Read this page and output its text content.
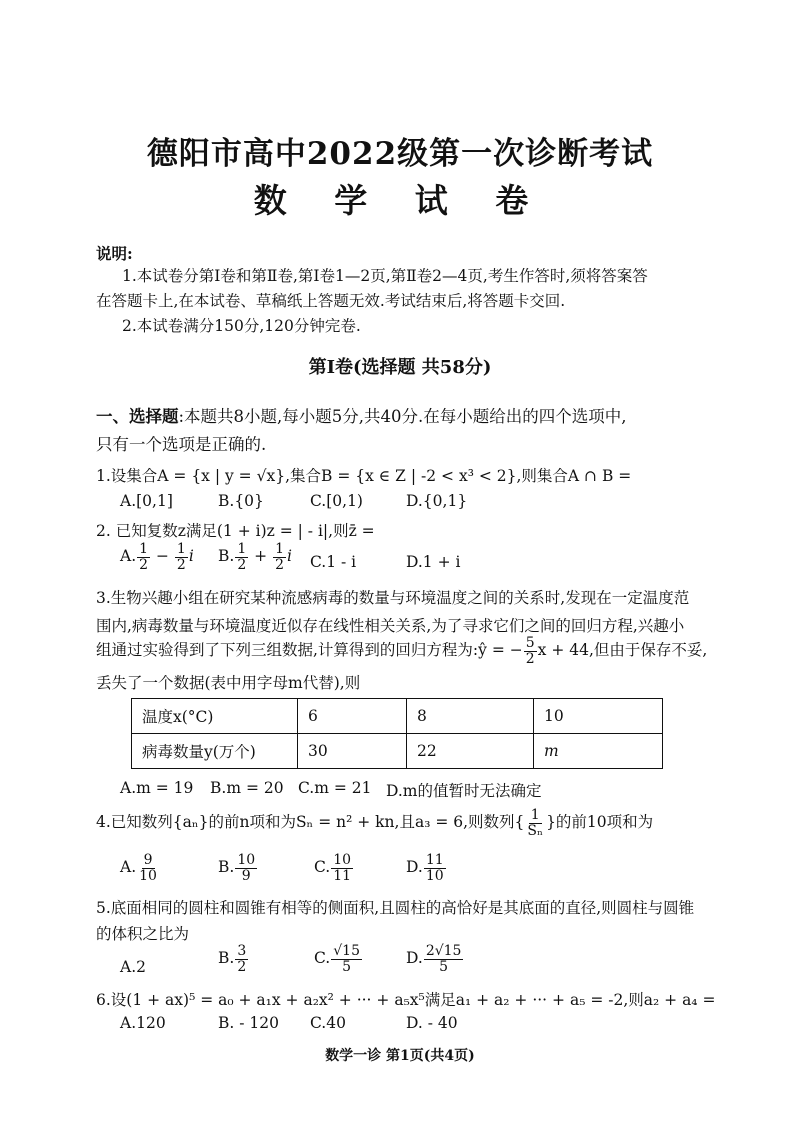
德阳市高中2022级第一次诊断考试
数 学 试 卷
说明:
1.本试卷分第Ⅰ卷和第Ⅱ卷,第Ⅰ卷1—2页,第Ⅱ卷2—4页,考生作答时,须将答案答
在答题卡上,在本试卷、草稿纸上答题无效.考试结束后,将答题卡交回.
2.本试卷满分150分,120分钟完卷.
第Ⅰ卷(选择题 共58分)
一、选择题:本题共8小题,每小题5分,共40分.在每小题给出的四个选项中,
只有一个选项是正确的.
1.设集合A = {x | y = √x},集合B = {x ∈ Z | -2 < x³ < 2},则集合A ∩ B =
A.[0,1]	B.{0}	C.[0,1)	D.{0,1}
2. 已知复数z满足(1 + i)z = | - i|,则z̄ =
A. $\frac{1}{2} - \frac{1}{2}$ i B. $\frac{1}{2} + \frac{1}{2}$ i C.1 - i	D.1 + i
3.生物兴趣小组在研究某种流感病毒的数量与环境温度之间的关系时,发现在一定温度范
围内,病毒数量与环境温度近似存在线性相关关系,为了寻求它们之间的回归方程,兴趣小
组通过实验得到了下列三组数据,计算得到的回归方程为:ŷ = − $\frac{5}{2}$ x + 44,但由于保存不妥,
丢失了一个数据(表中用字母m代替),则
温度x(°C)	6	8	10
病毒数量y(万个)	30	22	m
A.m = 19 B.m = 20 C.m = 21 D.m的值暂时无法确定
4.已知数列{aₙ}的前n项和为Sₙ = n² + kn,且a₃ = 6,则数列{ $\frac{1}{\text{Sₙ}}$ }的前10项和为
A. $\frac{9}{10}$	B. $\frac{10}{9}$	C. $\frac{10}{11}$	D. $\frac{11}{10}$
5.底面相同的圆柱和圆锥有相等的侧面积,且圆柱的高恰好是其底面的直径,则圆柱与圆锥
的体积之比为
A.2	B. $\frac{3}{2}$	C. $\frac{√15}{5}$	D. $\frac{2√15}{5}$
6.设(1 + ax)⁵ = a₀ + a₁x + a₂x² + ··· + a₅x⁵满足a₁ + a₂ + ··· + a₅ = -2,则a₂ + a₄ =
A.120	B. - 120 C.40	D. - 40
数学一诊 第1页(共4页)
